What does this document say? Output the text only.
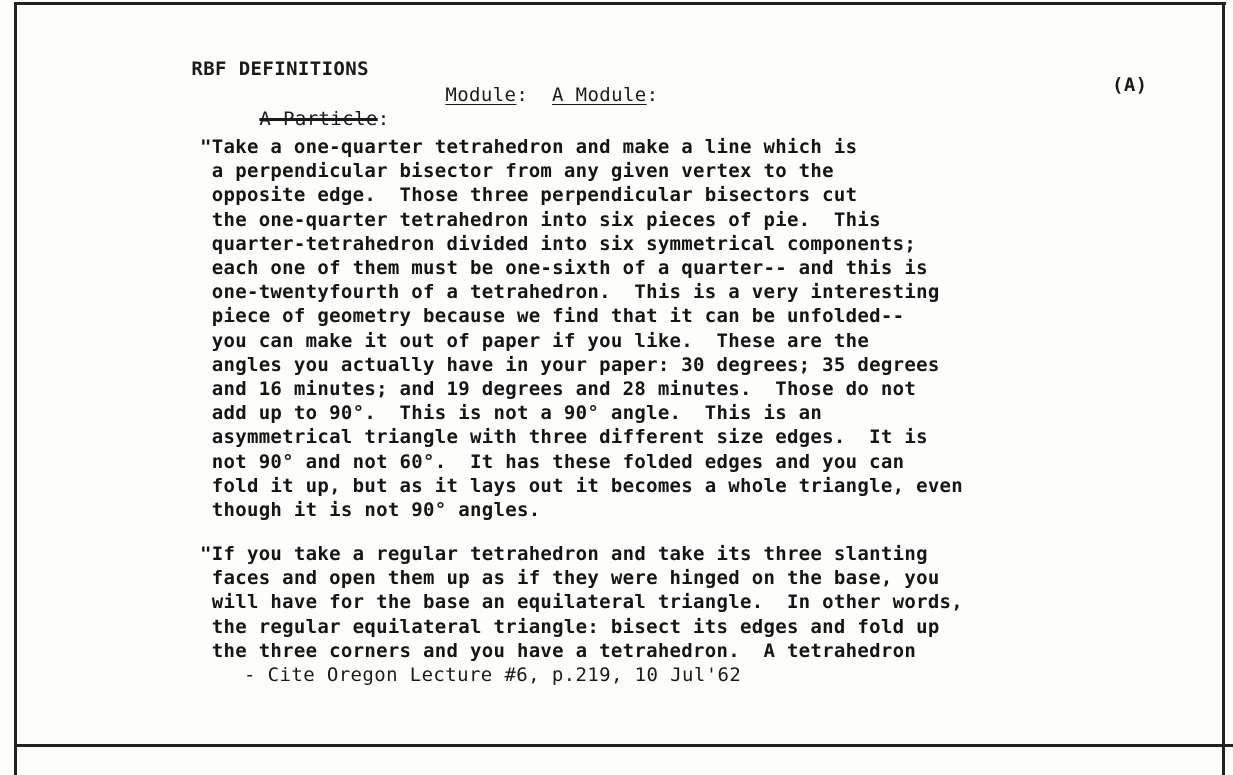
RBF DEFINITIONS

Module:  A Module:

A Particle:

(A)
"Take a one-quarter tetrahedron and make a line which is
a perpendicular bisector from any given vertex to the
opposite edge.  Those three perpendicular bisectors cut
the one-quarter tetrahedron into six pieces of pie.  This
quarter-tetrahedron divided into six symmetrical components;
each one of them must be one-sixth of a quarter-- and this is
one-twentyfourth of a tetrahedron.  This is a very interesting
piece of geometry because we find that it can be unfolded--
you can make it out of paper if you like.  These are the
angles you actually have in your paper: 30 degrees; 35 degrees
and 16 minutes; and 19 degrees and 28 minutes.  Those do not
add up to 90°.  This is not a 90° angle.  This is an
asymmetrical triangle with three different size edges.  It is
not 90° and not 60°.  It has these folded edges and you can
fold it up, but as it lays out it becomes a whole triangle, even
though it is not 90° angles.
"If you take a regular tetrahedron and take its three slanting
faces and open them up as if they were hinged on the base, you
will have for the base an equilateral triangle.  In other words,
the regular equilateral triangle: bisect its edges and fold up
the three corners and you have a tetrahedron.  A tetrahedron
- Cite Oregon Lecture #6, p.219, 10 Jul'62
